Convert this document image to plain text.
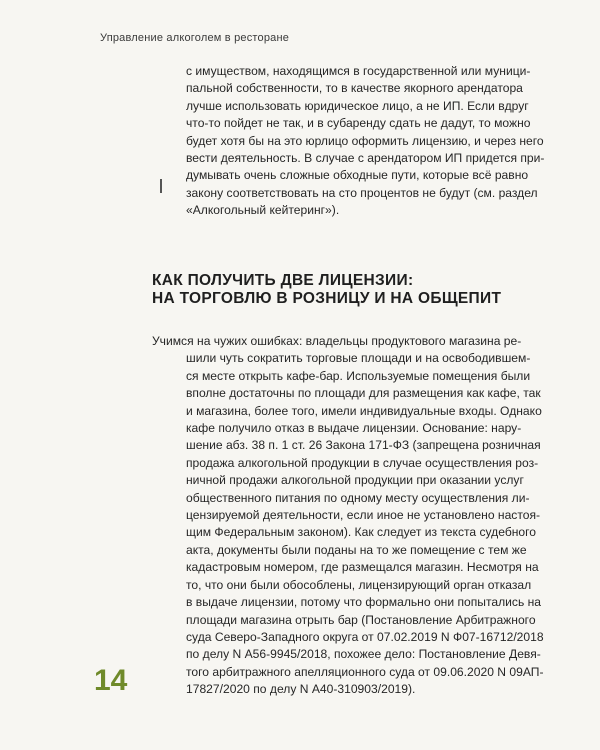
Управление алкоголем в ресторане
с имуществом, находящимся в государственной или муници-
пальной собственности, то в качестве якорного арендатора
лучше использовать юридическое лицо, а не ИП. Если вдруг
что-то пойдет не так, и в субаренду сдать не дадут, то можно
будет хотя бы на это юрлицо оформить лицензию, и через него
вести деятельность. В случае с арендатором ИП придется при-
думывать очень сложные обходные пути, которые всё равно
закону соответствовать на сто процентов не будут (см. раздел
«Алкогольный кейтеринг»).
КАК ПОЛУЧИТЬ ДВЕ ЛИЦЕНЗИИ:
НА ТОРГОВЛЮ В РОЗНИЦУ И НА ОБЩЕПИТ
Учимся на чужих ошибках: владельцы продуктового магазина ре-
шили чуть сократить торговые площади и на освободившем-
ся месте открыть кафе-бар. Используемые помещения были
вполне достаточны по площади для размещения как кафе, так
и магазина, более того, имели индивидуальные входы. Однако
кафе получило отказ в выдаче лицензии. Основание: нару-
шение абз. 38 п. 1 ст. 26 Закона 171-ФЗ (запрещена розничная
продажа алкогольной продукции в случае осуществления роз-
ничной продажи алкогольной продукции при оказании услуг
общественного питания по одному месту осуществления ли-
цензируемой деятельности, если иное не установлено настоя-
щим Федеральным законом). Как следует из текста судебного
акта, документы были поданы на то же помещение с тем же
кадастровым номером, где размещался магазин. Несмотря на
то, что они были обособлены, лицензирующий орган отказал
в выдаче лицензии, потому что формально они попытались на
площади магазина отрыть бар (Постановление Арбитражного
суда Северо-Западного округа от 07.02.2019 N Ф07-16712/2018
по делу N А56-9945/2018, похожее дело: Постановление Девя-
того арбитражного апелляционного суда от 09.06.2020 N 09АП-
17827/2020 по делу N А40-310903/2019).
14
